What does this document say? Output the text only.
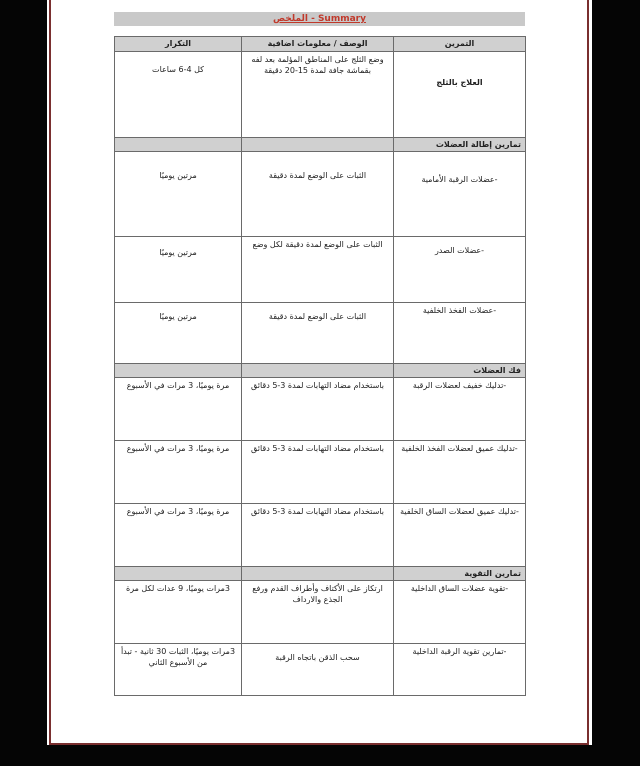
الملخص - Summary
التمرين	الوصف / معلومات اضافية	التكرار
العلاج بالثلج	وضع الثلج على المناطق المؤلمة بعد لفه بقماشة جافة لمدة 15-20 دقيقة	كل 4-6 ساعات
تمارين إطالة العضلات		
-عضلات الرقبة الأمامية	الثبات على الوضع لمدة دقيقة	مرتين يوميًا
-عضلات الصدر	الثبات على الوضع لمدة دقيقة لكل وضع	مرتين يوميًا
-عضلات الفخذ الخلفية	الثبات على الوضع لمدة دقيقة	مرتين يوميًا
فك العضلات		
-تدليك خفيف لعضلات الرقبة	باستخدام مضاد التهابات لمدة 3-5 دقائق	مرة يوميًا، 3 مرات في الأسبوع
-تدليك عميق لعضلات الفخذ الخلفية	باستخدام مضاد التهابات لمدة 3-5 دقائق	مرة يوميًا، 3 مرات في الأسبوع
-تدليك عميق لعضلات الساق الخلفية	باستخدام مضاد التهابات لمدة 3-5 دقائق	مرة يوميًا، 3 مرات في الأسبوع
تمارين التقوية		
-تقوية عضلات الساق الداخلية	ارتكاز على الأكتاف وأطراف القدم ورفع الجذع والارداف	3مرات يوميًا، 9 عدات لكل مرة
-تمارين تقوية الرقبة الداخلية	سحب الذقن باتجاه الرقبة	3مرات يوميًا، الثبات 30 ثانية - تبدأ من الأسبوع الثاني
